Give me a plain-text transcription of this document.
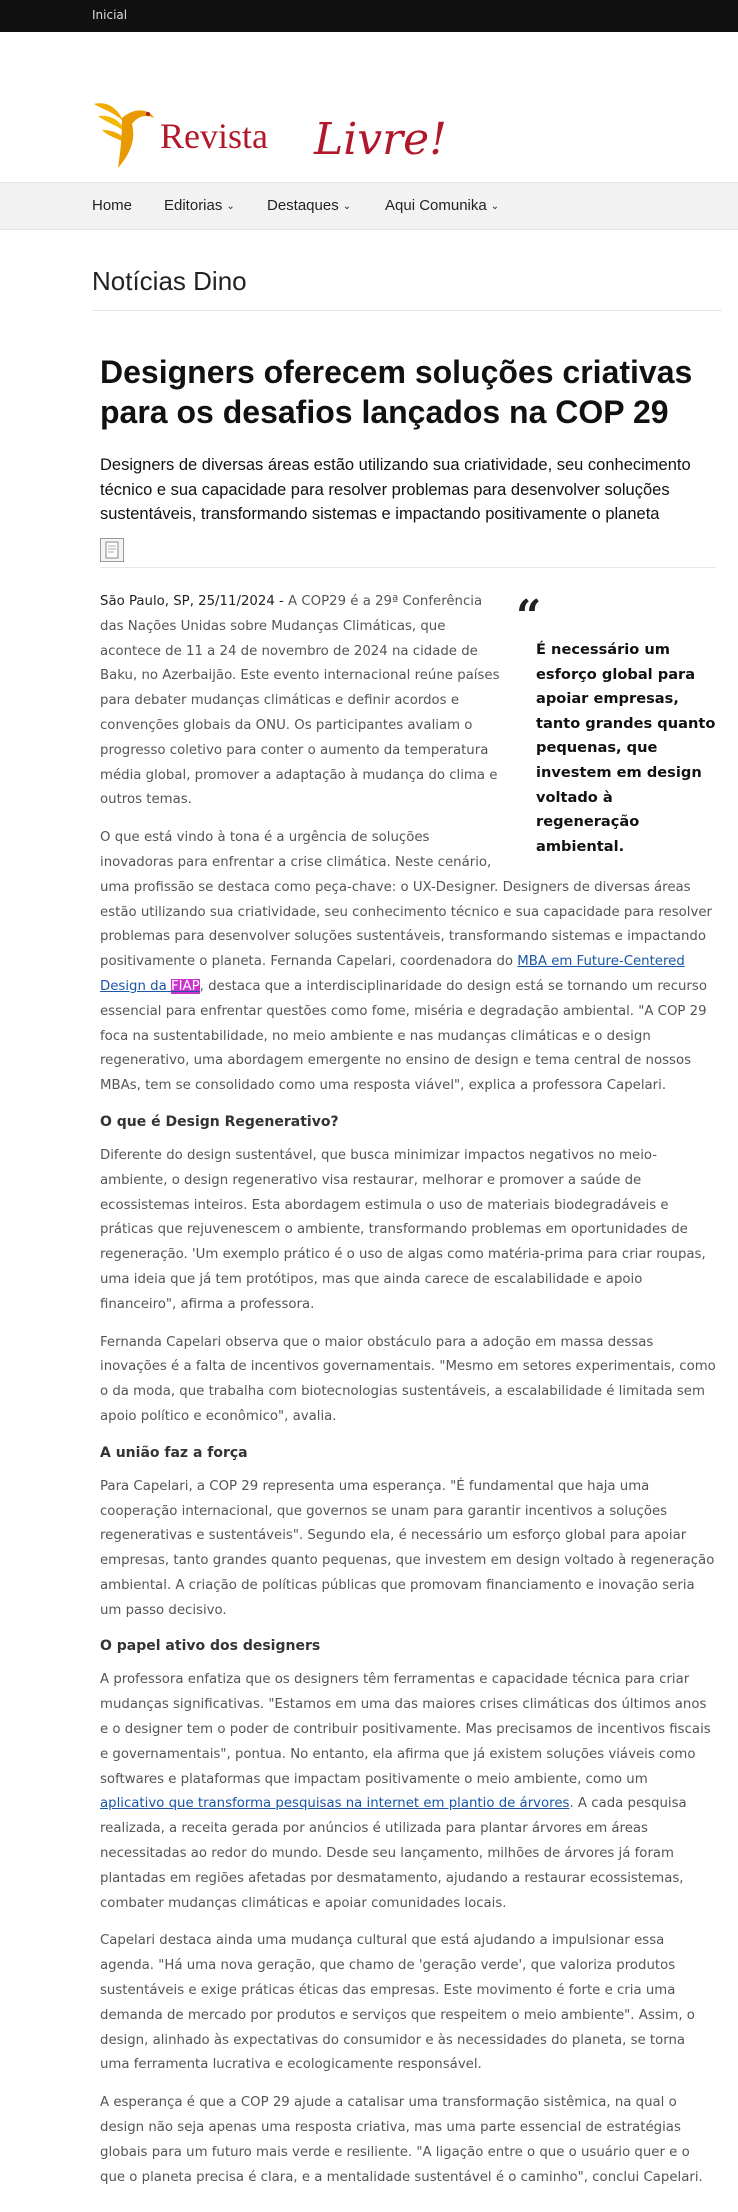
Inicial
Revista Livre!
Home Editorias ⌄ Destaques ⌄ Aqui Comunika ⌄
Notícias Dino
Designers oferecem soluções criativas para os desafios lançados na COP 29

Designers de diversas áreas estão utilizando sua criatividade, seu conhecimento técnico e sua capacidade para resolver problemas para desenvolver soluções sustentáveis, transformando sistemas e impactando positivamente o planeta

“
É necessário um esforço global para apoiar empresas, tanto grandes quanto pequenas, que investem em design voltado à regeneração ambiental.

São Paulo, SP, 25/11/2024 - A COP29 é a 29ª Conferência das Nações Unidas sobre Mudanças Climáticas, que acontece de 11 a 24 de novembro de 2024 na cidade de Baku, no Azerbaijão. Este evento internacional reúne países para debater mudanças climáticas e definir acordos e convenções globais da ONU. Os participantes avaliam o progresso coletivo para conter o aumento da temperatura média global, promover a adaptação à mudança do clima e outros temas.

O que está vindo à tona é a urgência de soluções inovadoras para enfrentar a crise climática. Neste cenário, uma profissão se destaca como peça-chave: o UX-Designer. Designers de diversas áreas estão utilizando sua criatividade, seu conhecimento técnico e sua capacidade para resolver problemas para desenvolver soluções sustentáveis, transformando sistemas e impactando positivamente o planeta. Fernanda Capelari, coordenadora do MBA em Future-Centered Design da FIAP, destaca que a interdisciplinaridade do design está se tornando um recurso essencial para enfrentar questões como fome, miséria e degradação ambiental. "A COP 29 foca na sustentabilidade, no meio ambiente e nas mudanças climáticas e o design regenerativo, uma abordagem emergente no ensino de design e tema central de nossos MBAs, tem se consolidado como uma resposta viável", explica a professora Capelari.

O que é Design Regenerativo?

Diferente do design sustentável, que busca minimizar impactos negativos no meio-ambiente, o design regenerativo visa restaurar, melhorar e promover a saúde de ecossistemas inteiros. Esta abordagem estimula o uso de materiais biodegradáveis e práticas que rejuvenescem o ambiente, transformando problemas em oportunidades de regeneração. 'Um exemplo prático é o uso de algas como matéria-prima para criar roupas, uma ideia que já tem protótipos, mas que ainda carece de escalabilidade e apoio financeiro", afirma a professora.

Fernanda Capelari observa que o maior obstáculo para a adoção em massa dessas inovações é a falta de incentivos governamentais. "Mesmo em setores experimentais, como o da moda, que trabalha com biotecnologias sustentáveis, a escalabilidade é limitada sem apoio político e econômico", avalia.

A união faz a força

Para Capelari, a COP 29 representa uma esperança. "É fundamental que haja uma cooperação internacional, que governos se unam para garantir incentivos a soluções regenerativas e sustentáveis". Segundo ela, é necessário um esforço global para apoiar empresas, tanto grandes quanto pequenas, que investem em design voltado à regeneração ambiental. A criação de políticas públicas que promovam financiamento e inovação seria um passo decisivo.

O papel ativo dos designers

A professora enfatiza que os designers têm ferramentas e capacidade técnica para criar mudanças significativas. "Estamos em uma das maiores crises climáticas dos últimos anos e o designer tem o poder de contribuir positivamente. Mas precisamos de incentivos fiscais e governamentais", pontua. No entanto, ela afirma que já existem soluções viáveis como softwares e plataformas que impactam positivamente o meio ambiente, como um aplicativo que transforma pesquisas na internet em plantio de árvores. A cada pesquisa realizada, a receita gerada por anúncios é utilizada para plantar árvores em áreas necessitadas ao redor do mundo. Desde seu lançamento, milhões de árvores já foram plantadas em regiões afetadas por desmatamento, ajudando a restaurar ecossistemas, combater mudanças climáticas e apoiar comunidades locais.

Capelari destaca ainda uma mudança cultural que está ajudando a impulsionar essa agenda. "Há uma nova geração, que chamo de 'geração verde', que valoriza produtos sustentáveis e exige práticas éticas das empresas. Este movimento é forte e cria uma demanda de mercado por produtos e serviços que respeitem o meio ambiente". Assim, o design, alinhado às expectativas do consumidor e às necessidades do planeta, se torna uma ferramenta lucrativa e ecologicamente responsável.

A esperança é que a COP 29 ajude a catalisar uma transformação sistêmica, na qual o design não seja apenas uma resposta criativa, mas uma parte essencial de estratégias globais para um futuro mais verde e resiliente. "A ligação entre o que o usuário quer e o que o planeta precisa é clara, e a mentalidade sustentável é o caminho", conclui Capelari.
